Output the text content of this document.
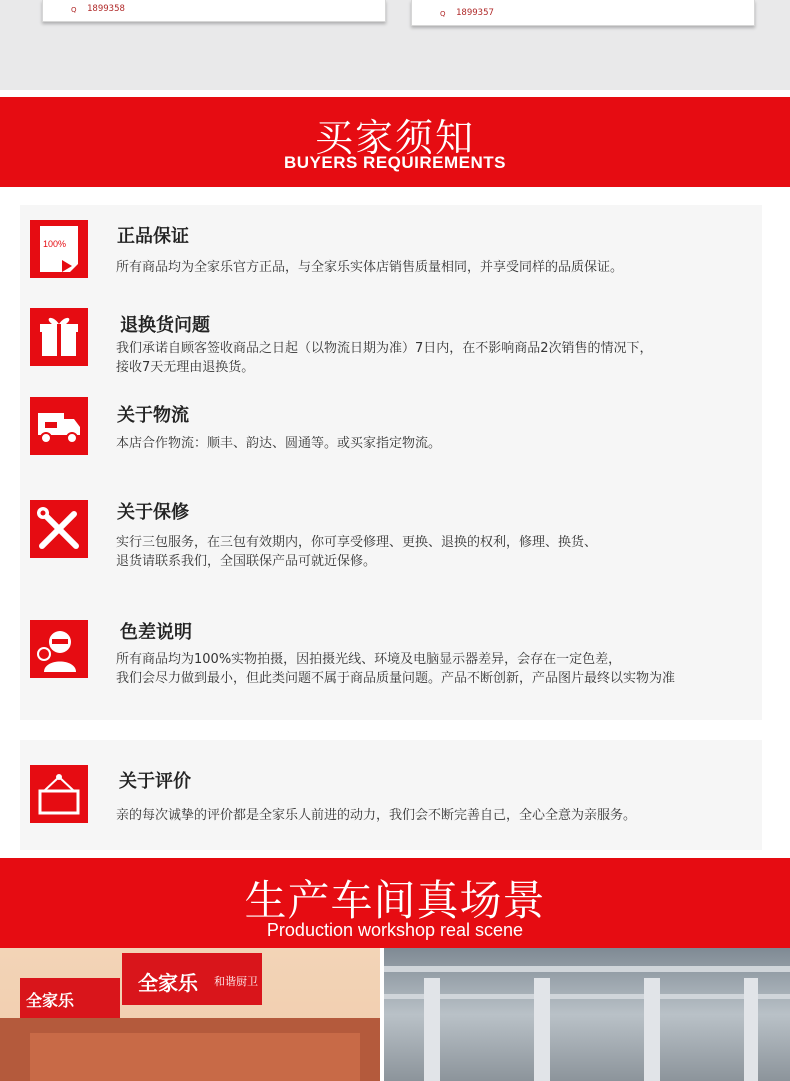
Q 1899358	Q 1899357
买家须知
BUYERS REQUIREMENTS
100%	正品保证
所有商品均为全家乐官方正品，与全家乐实体店销售质量相同，并享受同样的品质保证。
退换货问题
我们承诺自顾客签收商品之日起（以物流日期为准）7日内，在不影响商品2次销售的情况下，
接收7天无理由退换货。
关于物流
本店合作物流：顺丰、韵达、圆通等。或买家指定物流。
关于保修
实行三包服务，在三包有效期内，你可享受修理、更换、退换的权利，修理、换货、
退货请联系我们，全国联保产品可就近保修。
色差说明
所有商品均为100%实物拍摄，因拍摄光线、环境及电脑显示器差异，会存在一定色差，
我们会尽力做到最小，但此类问题不属于商品质量问题。产品不断创新，产品图片最终以实物为准
关于评价
亲的每次诚挚的评价都是全家乐人前进的动力，我们会不断完善自己，全心全意为亲服务。
生产车间真场景
Production workshop real scene
全家乐
全家乐 和谐厨卫
